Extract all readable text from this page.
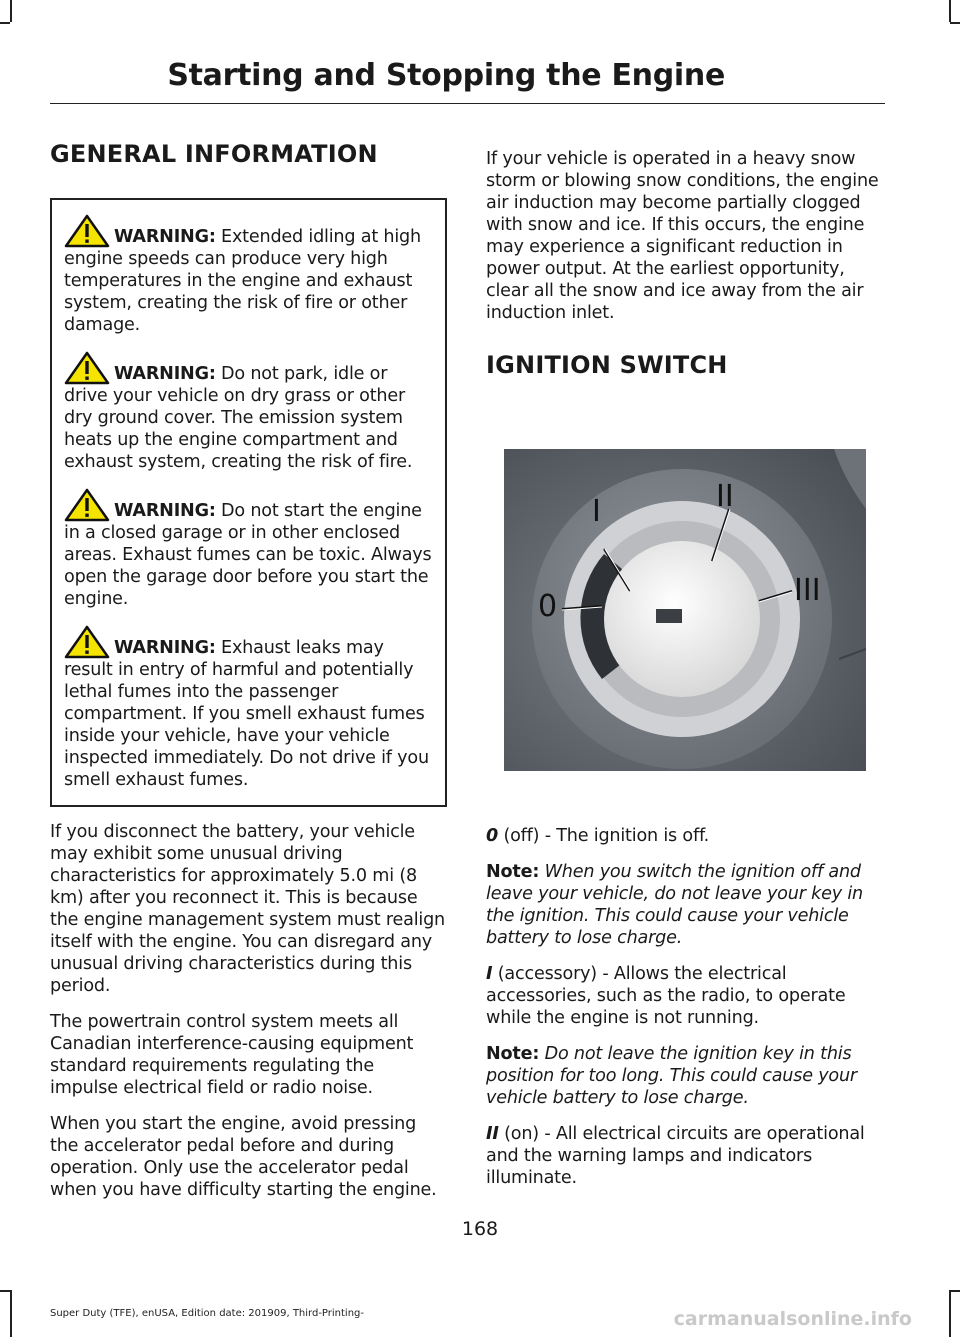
Starting and Stopping the Engine
GENERAL INFORMATION

WARNING: Extended idling at high engine speeds can produce very high temperatures in the engine and exhaust system, creating the risk of fire or other damage.

WARNING: Do not park, idle or drive your vehicle on dry grass or other dry ground cover. The emission system heats up the engine compartment and exhaust system, creating the risk of fire.

WARNING: Do not start the engine in a closed garage or in other enclosed areas. Exhaust fumes can be toxic. Always open the garage door before you start the engine.

WARNING: Exhaust leaks may result in entry of harmful and potentially lethal fumes into the passenger compartment. If you smell exhaust fumes inside your vehicle, have your vehicle inspected immediately. Do not drive if you smell exhaust fumes.

If you disconnect the battery, your vehicle may exhibit some unusual driving characteristics for approximately 5.0 mi (8 km) after you reconnect it. This is because the engine management system must realign itself with the engine. You can disregard any unusual driving characteristics during this period.

The powertrain control system meets all Canadian interference-causing equipment standard requirements regulating the impulse electrical field or radio noise.

When you start the engine, avoid pressing the accelerator pedal before and during operation. Only use the accelerator pedal when you have difficulty starting the engine.

If your vehicle is operated in a heavy snow storm or blowing snow conditions, the engine air induction may become partially clogged with snow and ice. If this occurs, the engine may experience a significant reduction in power output. At the earliest opportunity, clear all the snow and ice away from the air induction inlet.

IGNITION SWITCH
I	II
III
0

0 (off) - The ignition is off.

Note: When you switch the ignition off and leave your vehicle, do not leave your key in the ignition. This could cause your vehicle battery to lose charge.

I (accessory) - Allows the electrical accessories, such as the radio, to operate while the engine is not running.

Note: Do not leave the ignition key in this position for too long. This could cause your vehicle battery to lose charge.

II (on) - All electrical circuits are operational and the warning lamps and indicators illuminate.

168
Super Duty (TFE), enUSA, Edition date: 201909, Third-Printing-	carmanualsonline.info
